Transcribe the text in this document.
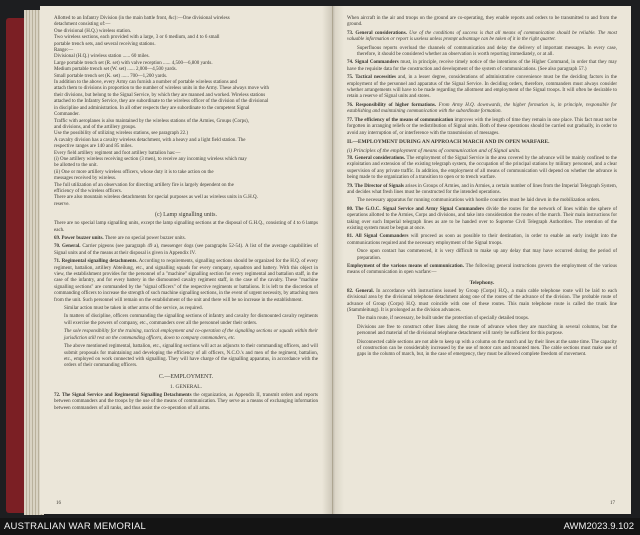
Allotted to an Infantry Division (in the main battle front, &c):—One divisional wireless

detachment consisting of:—

One divisional (H.Q.) wireless station.

Two wireless sections, each provided with a large, 3 or 6 medium, and 4 to 6 small

portable trench sets, and several receiving stations.

Range:—

Divisional (H.Q.) wireless station ...... 60 miles.

Large portable trench set (R. set) with valve reception ...... 4,500—6,800 yards.

Medium portable trench set (W. set) ...... 2,000—4,500 yards.

Small portable trench set (K. set) ...... 700—1,200 yards.

In addition to the above, every Army can furnish a number of portable wireless stations and

attach them to divisions in proportion to the number of wireless units in the Army. These always move with

their divisions, but belong to the Signal Service, by which they are manned and worked. Wireless stations

attached to the Infantry Service, they are subordinate to the wireless officer of the division of the divisional

in discipline and administration. In all other respects they are subordinate to the competent Signal

Commander.

Traffic with aeroplanes is also maintained by the wireless stations of the Armies, Groups (Corps),

and divisions, and of the artillery groups.

Use the possibility of utilizing wireless stations, see paragraph 22.)

A cavalry division has a cavalry wireless detachment, with a heavy and a light field station. The

respective ranges are 140 and 85 miles.

Every field artillery regiment and foot artillery battalion has:—

(i) One artillery wireless receiving section (3 men), to receive any incoming wireless which may

be allotted to the unit.

(ii) One or more artillery wireless officers, whose duty it is to take action on the

messages received by wireless.

The full utilization of an observation for directing artillery fire is largely dependent on the

efficiency of the wireless officers.

There are also mountain wireless detachments for special purposes as well as wireless units in G.H.Q.

reserve.

(c) Lamp signalling units.

There are no special lamp signalling units, except the lamp signalling sections at the disposal of G.H.Q., consisting of 4 to 6 lamps each.

69. Power buzzer units. There are no special power buzzer units.

70. General. Carrier pigeons (see paragraph 49 a), messenger dogs (see paragraphs 52-54). A list of the average capabilities of Signal units and of the means at their disposal is given in Appendix IV.

71. Regimental signalling detachments. According to requirements, signalling sections should be organized for the H.Q. of every regiment, battalion, artillery Abteilung, etc., and signalling squads for every company, squadron and battery. With this object in view, the establishment provides for the personnel of a "machine" signalling section for every regimental and battalion staff, in the case of the infantry, and for every battery in the dismounted cavalry regiment staff, in the case of the cavalry. These "machine signalling sections" are commanded by the "signal officers" of the respective regiments or battalions. It is left to the discretion of commanding officers to increase the strength of such machine signalling sections, in the event of urgent necessity, by attaching men from the unit. Such personnel will remain on the establishment of the unit and there will be no increase in the establishment.

Similar action must be taken in other arms of the service, as required.

In matters of discipline, officers commanding the signalling sections of infantry and cavalry for dismounted cavalry regiments will exercise the powers of company, etc., commanders over all the personnel under their orders.

The sole responsibility for the training, tactical employment and co-operation of the signalling sections or squads within their jurisdiction still rest on the commanding officers, down to company commanders, etc.

The above mentioned regimental, battalion, etc., signalling sections will act as adjuncts to their commanding officers, and will submit proposals for maintaining and developing the efficiency of all officers, N.C.O.'s and men of the regiment, battalion, etc., employed on work connected with signalling. They will have charge of the signalling apparatus, in accordance with the orders of their commanding officers.

C.—EMPLOYMENT.
1. GENERAL.

72. The Signal Service and Regimental Signalling Detachments the organization, as Appendix II, transmit orders and reports between commanders and the troops by the use of the means of communication. They serve as a means of exchanging information between commanders of all ranks, and thus assist the co-operation of all arms.

16

When aircraft in the air and troops on the ground are co-operating, they enable reports and orders to be transmitted to and from the ground.

73. General considerations. Use of the conditions of success is that all means of communication should be reliable. The most valuable information or report is useless unless prompt advantage can be taken of it in the right quarter.

Superfluous reports overload the channels of communication and delay the delivery of important messages. In every case, therefore, it should be considered whether an observation is worth reporting immediately, or at all.

74. Signal Commanders must, in principle, receive timely notice of the intentions of the Higher Command, in order that they may have the requisite data for the construction and development of the system of communications. (See also paragraph 57.)

75. Tactical necessities and, in a lesser degree, considerations of administrative convenience must be the deciding factors in the employment of the personnel and apparatus of the Signal Service. In deciding orders, therefore, commanders must always consider whether arrangements will have to be made regarding the allotment and employment of the Signal troops. It will often be desirable to retain a reserve of Signal units and stores.

76. Responsibility of higher formations. From Army H.Q. downwards, the higher formation is, in principle, responsible for establishing and maintaining communication with the subordinate formation.

77. The efficiency of the means of communication improves with the length of time they remain in one place. This fact must not be forgotten in arranging reliefs or the redistribution of Signal units. Both of these operations should be carried out gradually, in order to avoid any interruption of, or interference with the transmission of messages.

II.—EMPLOYMENT DURING AN APPROACH MARCH AND IN OPEN WARFARE.
(i) Principles of the employment of means of communication and of Signal units.

78. General considerations. The employment of the Signal Service in the area covered by the advance will be mainly confined to the exploitation and extension of the existing telegraph system, the occupation of the principal stations by military personnel, and a clear supervision of any private traffic. In addition, the employment of all means of communication will depend on whether the advance is being made to the organization of a transition to open or to trench warfare.

79. The Director of Signals arises in Groups of Armies, and in Armies, a certain number of lines from the Imperial Telegraph System, and decides what fresh lines must be constructed for the intended operations.

The necessary apparatus for running communications with hostile countries must be laid down in the mobilization orders.

80. The G.O.C. Signal Service and Army Signal Commanders divide the routes for the network of lines within the sphere of operations allotted to the Armies, Corps and divisions, and take into consideration the routes of the march. Their main instructions for taking over such Imperial telegraph lines as are to be handed over to Supreme Civil Telegraph Authorities. The retention of the existing system must be begun at once.

81. All Signal Commanders will proceed as soon as possible to their destination, in order to enable an early insight into the communications required and the necessary employment of the Signal troops.

Once upon contact has commenced, it is very difficult to make up any delay that may have occurred during the period of preparation.

Employment of the various means of communication. The following general instructions govern the employment of the various means of communication in open warfare:—

Telephony.

82. General. In accordance with instructions issued by Group (Corps) H.Q., a main cable telephone route will be laid to each divisional area by the divisional telephone detachment along one of the routes of the advance of the division. The probable route of advance of Group (Corps) H.Q. must coincide with one of these routes. This main telephone route is called the trunk line (Stammleitung). It is prolonged as the division advances.

The main route, if necessary, be built under the protection of specially detailed troops.

Divisions are free to construct other lines along the route of advance when they are marching in several columns, but the personnel and material of the divisional telephone detachment will rarely be sufficient for this purpose.

Disconnected cable sections are not able to keep up with a column on the march and lay their lines at the same time. The capacity of construction can be considerably increased by the use of motor cars and mounted men. The cable sections must make use of gaps in the column of march, but, in the case of emergency, they must be allowed complete freedom of movement.

17
AUSTRALIAN WAR MEMORIAL	AWM2023.9.102
